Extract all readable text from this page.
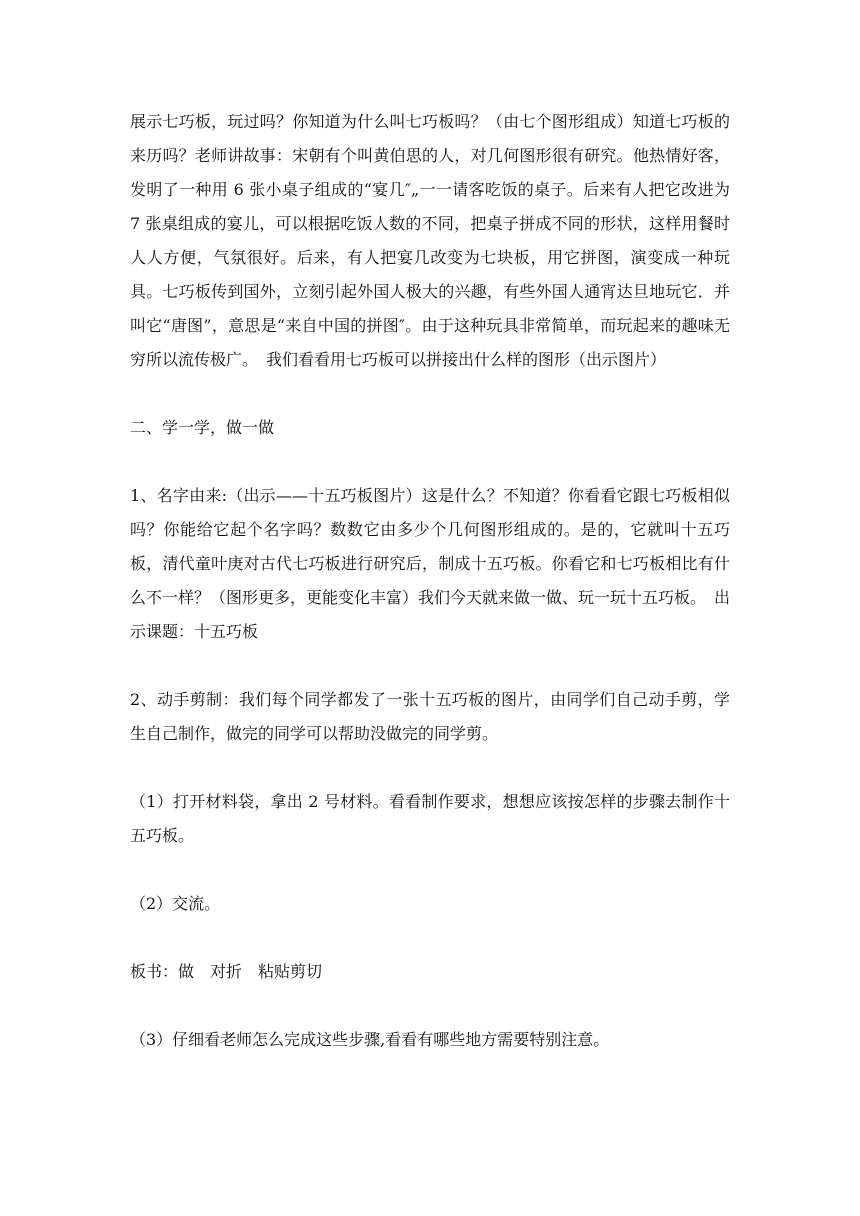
展示七巧板，玩过吗？你知道为什么叫七巧板吗？（由七个图形组成）知道七巧板的来历吗？老师讲故事：宋朝有个叫黄伯思的人，对几何图形很有研究。他热情好客，发明了一种用 6 张小桌子组成的“宴几″„一一请客吃饭的桌子。后来有人把它改进为 7 张桌组成的宴儿，可以根据吃饭人数的不同，把桌子拼成不同的形状，这样用餐时人人方便，气氛很好。后来，有人把宴几改变为七块板，用它拼图，演变成一种玩具。七巧板传到国外，立刻引起外国人极大的兴趣，有些外国人通宵达旦地玩它．并叫它“唐图”，意思是“来自中国的拼图″。由于这种玩具非常简单，而玩起来的趣味无穷所以流传极广。　我们看看用七巧板可以拼接出什么样的图形（出示图片）

二、学一学，做一做

1、名字由来:（出示——十五巧板图片）这是什么？不知道？你看看它跟七巧板相似吗？你能给它起个名字吗？数数它由多少个几何图形组成的。是的，它就叫十五巧板，清代童叶庚对古代七巧板进行研究后，制成十五巧板。你看它和七巧板相比有什么不一样？（图形更多，更能变化丰富）我们今天就来做一做、玩一玩十五巧板。　出示课题：十五巧板

2、动手剪制：我们每个同学都发了一张十五巧板的图片，由同学们自己动手剪，学生自己制作，做完的同学可以帮助没做完的同学剪。

（1）打开材料袋，拿出 2 号材料。看看制作要求，想想应该按怎样的步骤去制作十五巧板。

（2）交流。

板书：做　对折　粘贴剪切

（3）仔细看老师怎么完成这些步骤,看看有哪些地方需要特别注意。
